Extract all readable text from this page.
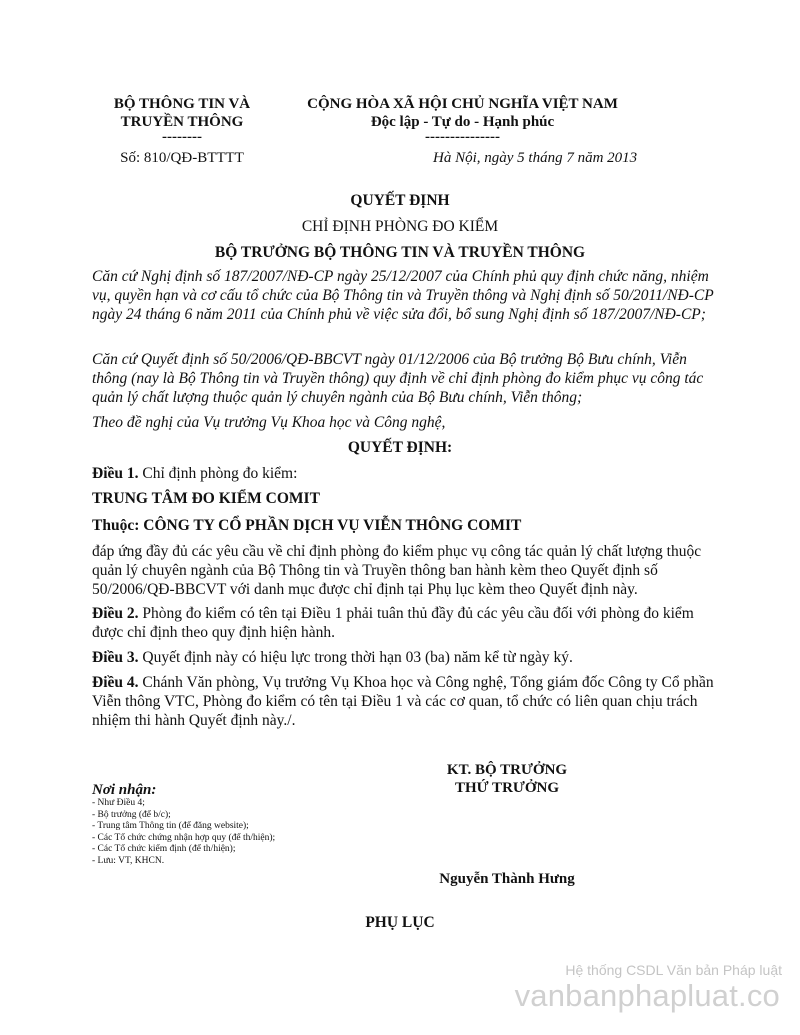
BỘ THÔNG TIN VÀ
TRUYỀN THÔNG
--------
Số: 810/QĐ-BTTTT
CỘNG HÒA XÃ HỘI CHỦ NGHĨA VIỆT NAM
Độc lập - Tự do - Hạnh phúc
---------------
Hà Nội, ngày 5 tháng 7 năm 2013
QUYẾT ĐỊNH
CHỈ ĐỊNH PHÒNG ĐO KIỂM
BỘ TRƯỞNG BỘ THÔNG TIN VÀ TRUYỀN THÔNG

Căn cứ Nghị định số 187/2007/NĐ-CP ngày 25/12/2007 của Chính phủ quy định chức năng, nhiệm vụ, quyền hạn và cơ cấu tổ chức của Bộ Thông tin và Truyền thông và Nghị định số 50/2011/NĐ-CP ngày 24 tháng 6 năm 2011 của Chính phủ về việc sửa đổi, bổ sung Nghị định số 187/2007/NĐ-CP;

Căn cứ Quyết định số 50/2006/QĐ-BBCVT ngày 01/12/2006 của Bộ trưởng Bộ Bưu chính, Viễn thông (nay là Bộ Thông tin và Truyền thông) quy định về chỉ định phòng đo kiểm phục vụ công tác quản lý chất lượng thuộc quản lý chuyên ngành của Bộ Bưu chính, Viễn thông;

Theo đề nghị của Vụ trưởng Vụ Khoa học và Công nghệ,

QUYẾT ĐỊNH:

Điều 1. Chỉ định phòng đo kiểm:

TRUNG TÂM ĐO KIỂM COMIT

Thuộc: CÔNG TY CỔ PHẦN DỊCH VỤ VIỄN THÔNG COMIT

đáp ứng đầy đủ các yêu cầu về chỉ định phòng đo kiểm phục vụ công tác quản lý chất lượng thuộc quản lý chuyên ngành của Bộ Thông tin và Truyền thông ban hành kèm theo Quyết định số 50/2006/QĐ-BBCVT với danh mục được chỉ định tại Phụ lục kèm theo Quyết định này.

Điều 2. Phòng đo kiểm có tên tại Điều 1 phải tuân thủ đầy đủ các yêu cầu đối với phòng đo kiểm được chỉ định theo quy định hiện hành.

Điều 3. Quyết định này có hiệu lực trong thời hạn 03 (ba) năm kể từ ngày ký.

Điều 4. Chánh Văn phòng, Vụ trưởng Vụ Khoa học và Công nghệ, Tổng giám đốc Công ty Cổ phần Viễn thông VTC, Phòng đo kiểm có tên tại Điều 1 và các cơ quan, tổ chức có liên quan chịu trách nhiệm thi hành Quyết định này./.

Nơi nhận:
- Như Điều 4;
- Bộ trưởng (để b/c);
- Trung tâm Thông tin (để đăng website);
- Các Tổ chức chứng nhận hợp quy (để th/hiện);
- Các Tổ chức kiểm định (để th/hiện);
- Lưu: VT, KHCN.
KT. BỘ TRƯỞNG
THỨ TRƯỞNG
Nguyễn Thành Hưng
PHỤ LỤC
Hệ thống CSDL Văn bản Pháp luật
vanbanphapluat.co
